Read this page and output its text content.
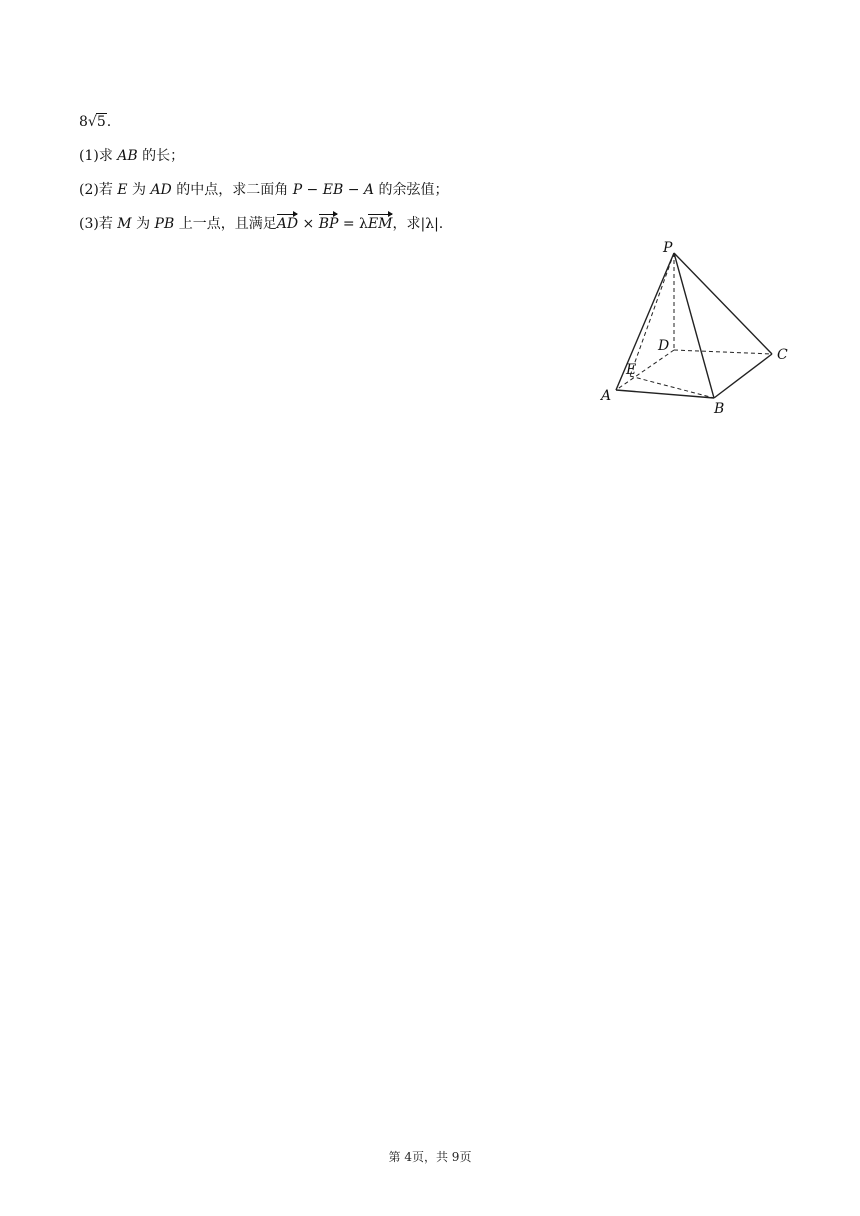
8√5.
(1)求 AB 的长；
(2)若 E 为 AD 的中点，求二面角 P − EB − A 的余弦值；
(3)若 M 为 PB 上一点，且满足AD × BP = λEM，求|λ|.
P
C
D
E
A
B
第 4页，共 9页
